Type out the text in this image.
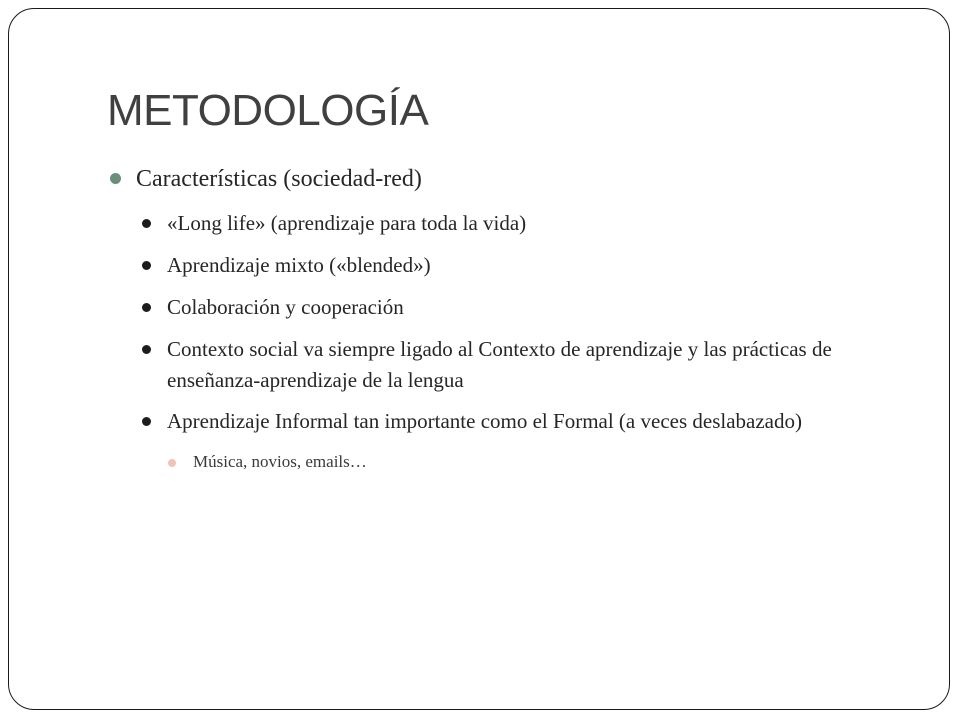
METODOLOGÍA

Características (sociedad-red)

«Long life» (aprendizaje para toda la vida)

Aprendizaje mixto («blended»)

Colaboración y cooperación

Contexto social va siempre ligado al Contexto de aprendizaje y las prácticas de enseñanza-aprendizaje de la lengua

Aprendizaje Informal tan importante como el Formal (a veces deslabazado)

Música, novios, emails…
